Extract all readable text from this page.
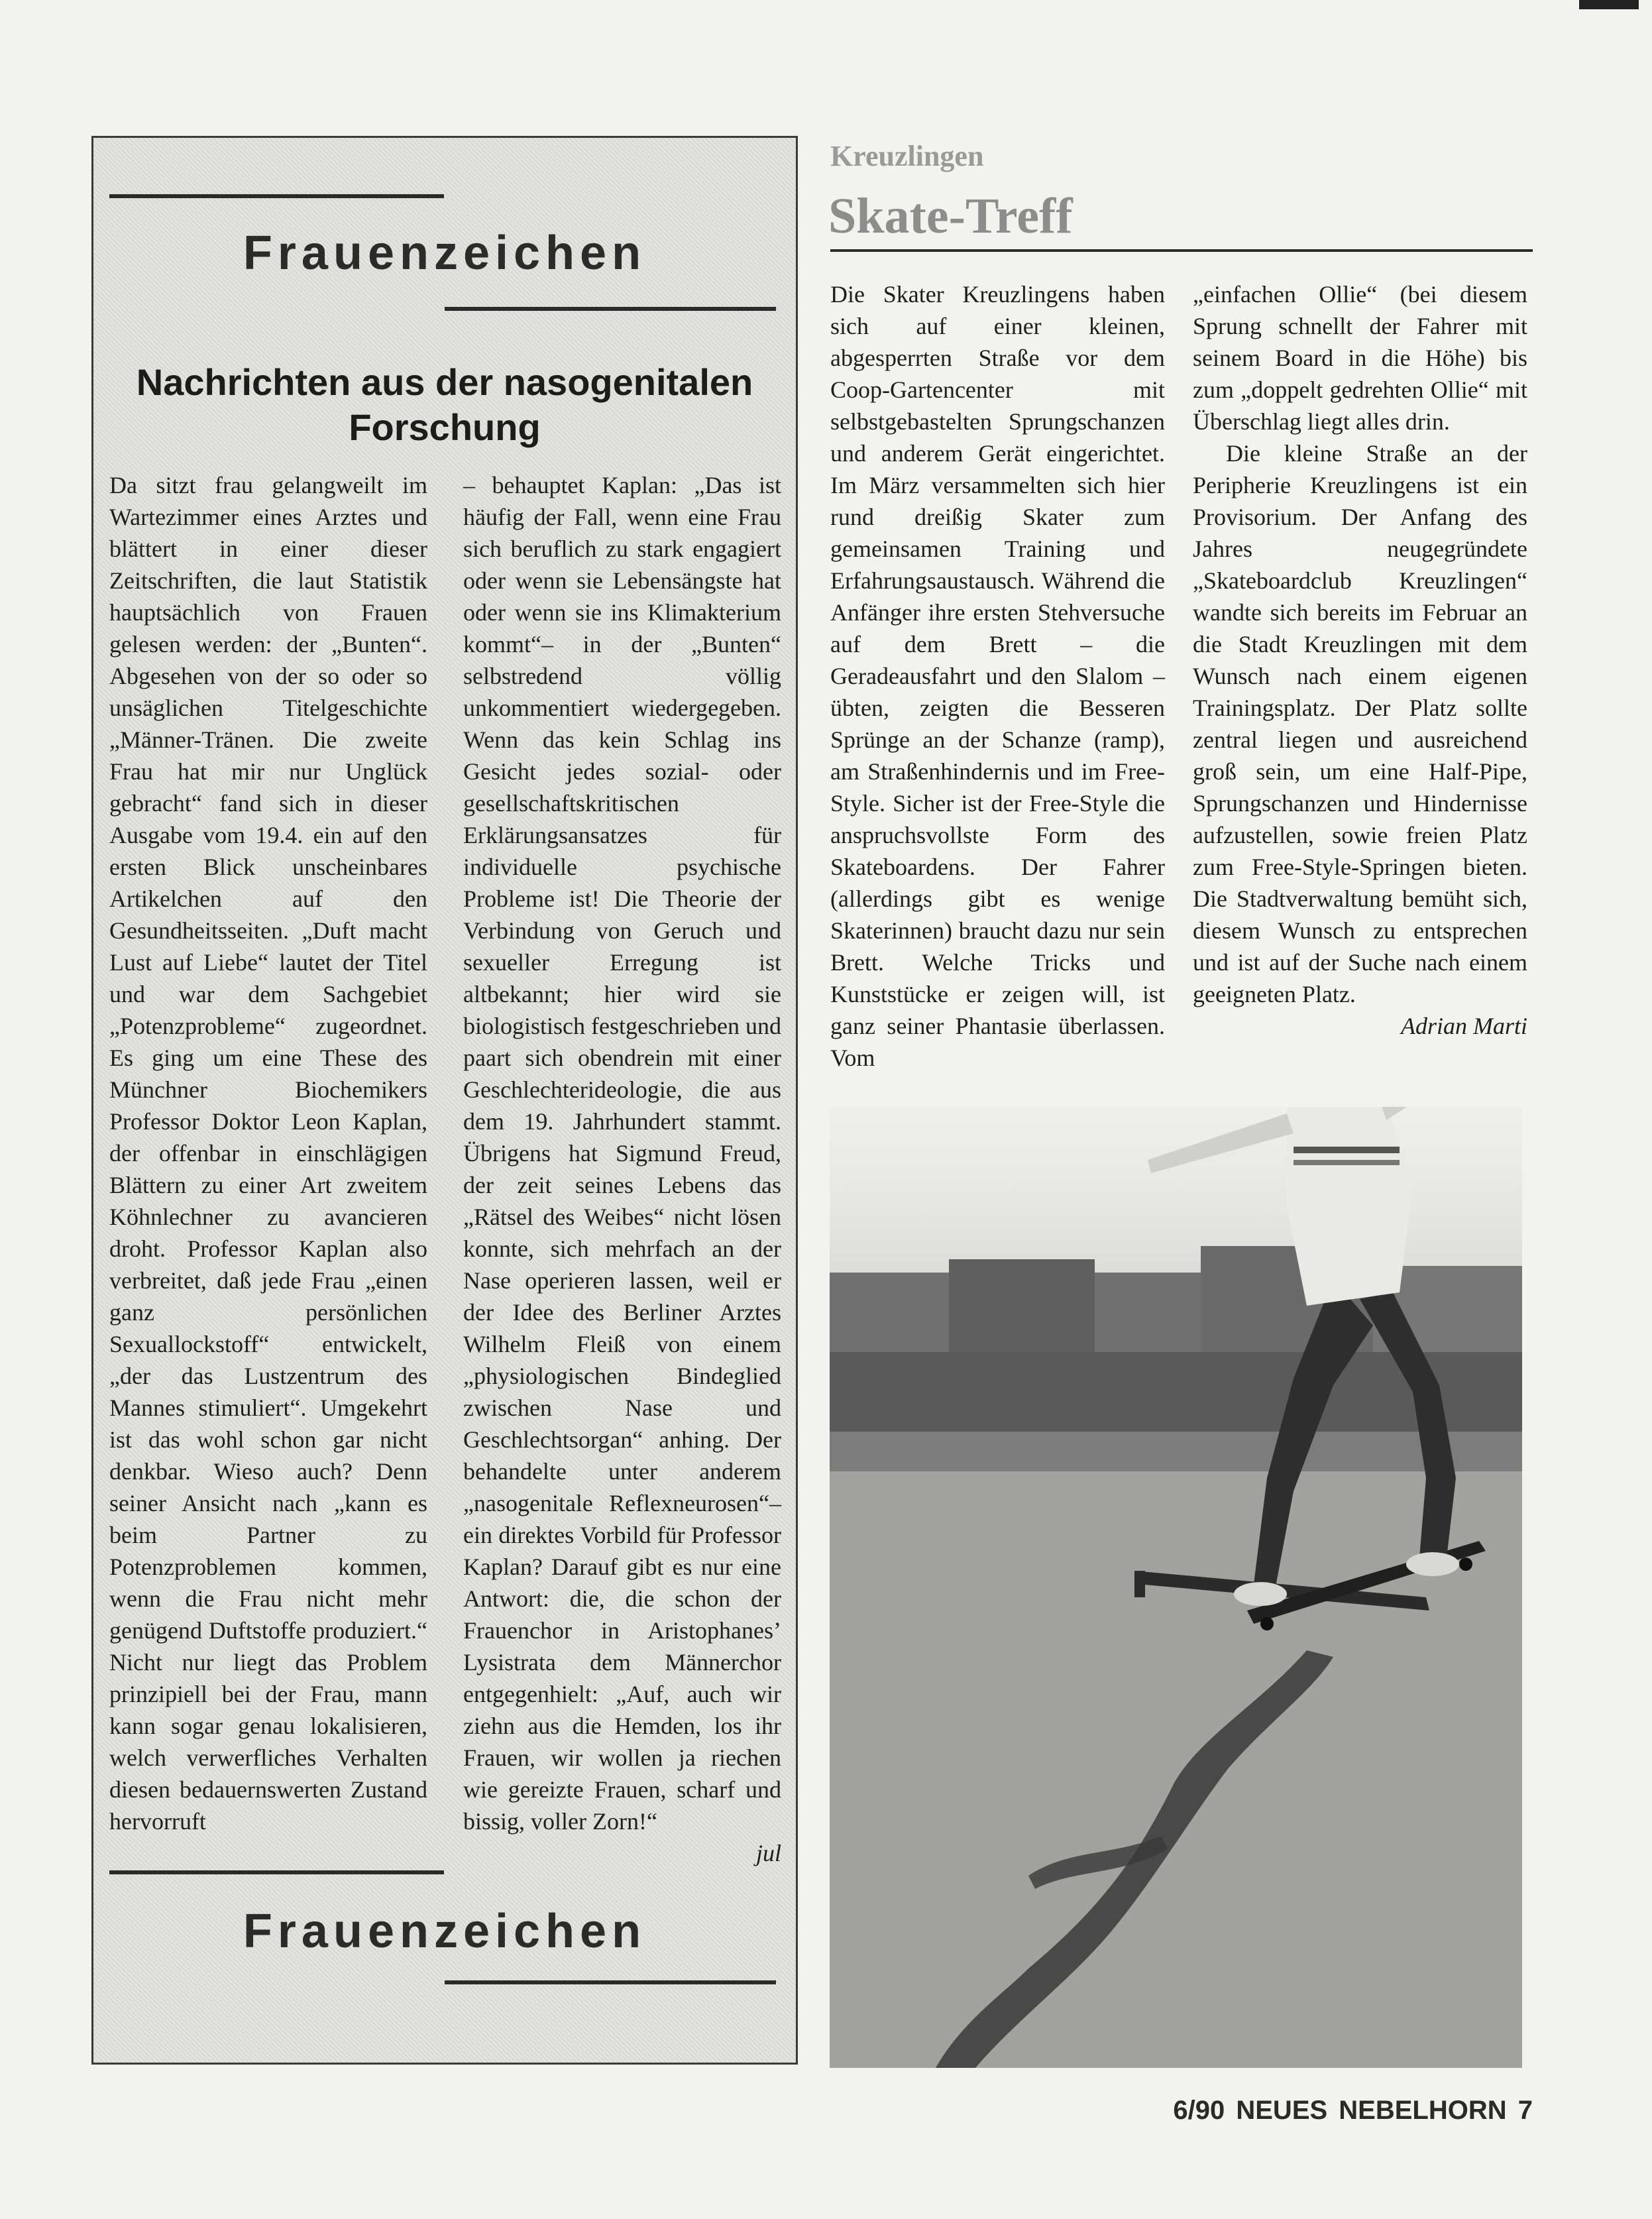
Frauenzeichen
Nachrichten aus der nasogenitalen Forschung
Da sitzt frau gelangweilt im Wartezimmer eines Arztes und blättert in einer dieser Zeitschriften, die laut Statistik hauptsächlich von Frauen gelesen werden: der „Bunten“. Abgesehen von der so oder so unsäglichen Titelgeschichte „Männer-Tränen. Die zweite Frau hat mir nur Unglück gebracht“ fand sich in dieser Ausgabe vom 19.4. ein auf den ersten Blick unscheinbares Artikelchen auf den Gesundheitsseiten. „Duft macht Lust auf Liebe“ lautet der Titel und war dem Sachgebiet „Potenzprobleme“ zugeordnet. Es ging um eine These des Münchner Biochemikers Professor Doktor Leon Kaplan, der offenbar in einschlägigen Blättern zu einer Art zweitem Köhnlechner zu avancieren droht. Professor Kaplan also verbreitet, daß jede Frau „einen ganz persönlichen Sexuallockstoff“ entwickelt, „der das Lustzentrum des Mannes stimuliert“. Umgekehrt ist das wohl schon gar nicht denkbar. Wieso auch? Denn seiner Ansicht nach „kann es beim Partner zu Potenzproblemen kommen, wenn die Frau nicht mehr genügend Duftstoffe produziert.“ Nicht nur liegt das Problem prinzipiell bei der Frau, mann kann sogar genau lokalisieren, welch verwerfliches Verhalten diesen bedauernswerten Zustand hervorruft
– behauptet Kaplan: „Das ist häufig der Fall, wenn eine Frau sich beruflich zu stark engagiert oder wenn sie Lebensängste hat oder wenn sie ins Klimakterium kommt“– in der „Bunten“ selbstredend völlig unkommentiert wiedergegeben. Wenn das kein Schlag ins Gesicht jedes sozial- oder gesellschaftskritischen Erklärungsansatzes für individuelle psychische Probleme ist! Die Theorie der Verbindung von Geruch und sexueller Erregung ist altbekannt; hier wird sie biologistisch festgeschrieben und paart sich obendrein mit einer Geschlechterideologie, die aus dem 19. Jahrhundert stammt. Übrigens hat Sigmund Freud, der zeit seines Lebens das „Rätsel des Weibes“ nicht lösen konnte, sich mehrfach an der Nase operieren lassen, weil er der Idee des Berliner Arztes Wilhelm Fleiß von einem „physiologischen Bindeglied zwischen Nase und Geschlechtsorgan“ anhing. Der behandelte unter anderem „nasogenitale Reflexneurosen“– ein direktes Vorbild für Professor Kaplan? Darauf gibt es nur eine Antwort: die, die schon der Frauenchor in Aristophanes’ Lysistrata dem Männerchor entgegenhielt: „Auf, auch wir ziehn aus die Hemden, los ihr Frauen, wir wollen ja riechen wie gereizte Frauen, scharf und bissig, voller Zorn!“
jul
Frauenzeichen
Kreuzlingen
Skate-Treff

Die Skater Kreuzlingens haben sich auf einer kleinen, abgesperrten Straße vor dem Coop-Gartencenter mit selbstgebastelten Sprungschanzen und anderem Gerät eingerichtet. Im März versammelten sich hier rund dreißig Skater zum gemeinsamen Training und Erfahrungsaustausch. Während die Anfänger ihre ersten Stehversuche auf dem Brett – die Geradeausfahrt und den Slalom – übten, zeigten die Besseren Sprünge an der Schanze (ramp), am Straßenhindernis und im Free-Style. Sicher ist der Free-Style die anspruchsvollste Form des Skateboardens. Der Fahrer (allerdings gibt es wenige Skaterinnen) braucht dazu nur sein Brett. Welche Tricks und Kunststücke er zeigen will, ist ganz seiner Phantasie überlassen. Vom

„einfachen Ollie“ (bei diesem Sprung schnellt der Fahrer mit seinem Board in die Höhe) bis zum „doppelt gedrehten Ollie“ mit Überschlag liegt alles drin.

Die kleine Straße an der Peripherie Kreuzlingens ist ein Provisorium. Der Anfang des Jahres neugegründete „Skateboardclub Kreuzlingen“ wandte sich bereits im Februar an die Stadt Kreuzlingen mit dem Wunsch nach einem eigenen Trainingsplatz. Der Platz sollte zentral liegen und ausreichend groß sein, um eine Half-Pipe, Sprungschanzen und Hindernisse aufzustellen, sowie freien Platz zum Free-Style-Springen bieten. Die Stadtverwaltung bemüht sich, diesem Wunsch zu entsprechen und ist auf der Suche nach einem geeigneten Platz.

Adrian Marti

6/90 NEUES NEBELHORN 7
